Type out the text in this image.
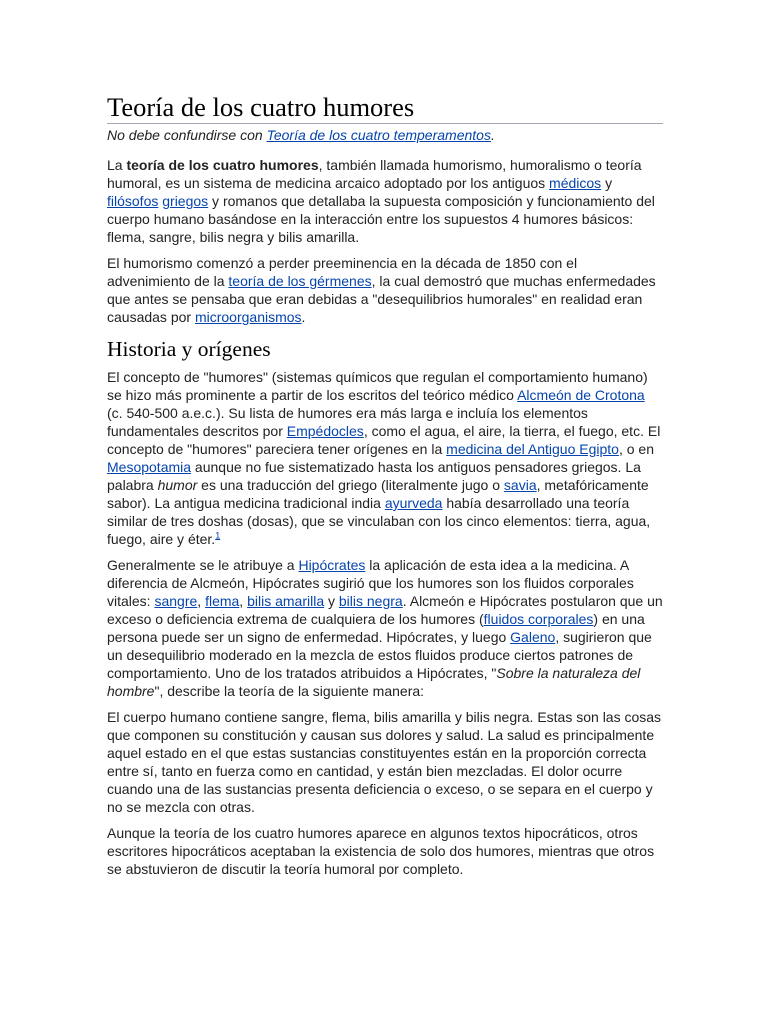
Teoría de los cuatro humores
No debe confundirse con Teoría de los cuatro temperamentos.

La teoría de los cuatro humores, también llamada humorismo, humoralismo o teoría humoral, es un sistema de medicina arcaico adoptado por los antiguos médicos y filósofos griegos y romanos que detallaba la supuesta composición y funcionamiento del cuerpo humano basándose en la interacción entre los supuestos 4 humores básicos: flema, sangre, bilis negra y bilis amarilla.

El humorismo comenzó a perder preeminencia en la década de 1850 con el advenimiento de la teoría de los gérmenes, la cual demostró que muchas enfermedades que antes se pensaba que eran debidas a "desequilibrios humorales" en realidad eran causadas por microorganismos.

Historia y orígenes

El concepto de "humores" (sistemas químicos que regulan el comportamiento humano) se hizo más prominente a partir de los escritos del teórico médico Alcmeón de Crotona (c. 540-500 a.e.c.). Su lista de humores era más larga e incluía los elementos fundamentales descritos por Empédocles, como el agua, el aire, la tierra, el fuego, etc. El concepto de "humores" pareciera tener orígenes en la medicina del Antiguo Egipto, o en Mesopotamia aunque no fue sistematizado hasta los antiguos pensadores griegos. La palabra humor es una traducción del griego (literalmente jugo o savia, metafóricamente sabor). La antigua medicina tradicional india ayurveda había desarrollado una teoría similar de tres doshas (dosas), que se vinculaban con los cinco elementos: tierra, agua, fuego, aire y éter.$^1$

Generalmente se le atribuye a Hipócrates la aplicación de esta idea a la medicina. A diferencia de Alcmeón, Hipócrates sugirió que los humores son los fluidos corporales vitales: sangre, flema, bilis amarilla y bilis negra. Alcmeón e Hipócrates postularon que un exceso o deficiencia extrema de cualquiera de los humores (fluidos corporales) en una persona puede ser un signo de enfermedad. Hipócrates, y luego Galeno, sugirieron que un desequilibrio moderado en la mezcla de estos fluidos produce ciertos patrones de comportamiento. Uno de los tratados atribuidos a Hipócrates, "Sobre la naturaleza del hombre", describe la teoría de la siguiente manera:

El cuerpo humano contiene sangre, flema, bilis amarilla y bilis negra. Estas son las cosas que componen su constitución y causan sus dolores y salud. La salud es principalmente aquel estado en el que estas sustancias constituyentes están en la proporción correcta entre sí, tanto en fuerza como en cantidad, y están bien mezcladas. El dolor ocurre cuando una de las sustancias presenta deficiencia o exceso, o se separa en el cuerpo y no se mezcla con otras.

Aunque la teoría de los cuatro humores aparece en algunos textos hipocráticos, otros escritores hipocráticos aceptaban la existencia de solo dos humores, mientras que otros se abstuvieron de discutir la teoría humoral por completo.
